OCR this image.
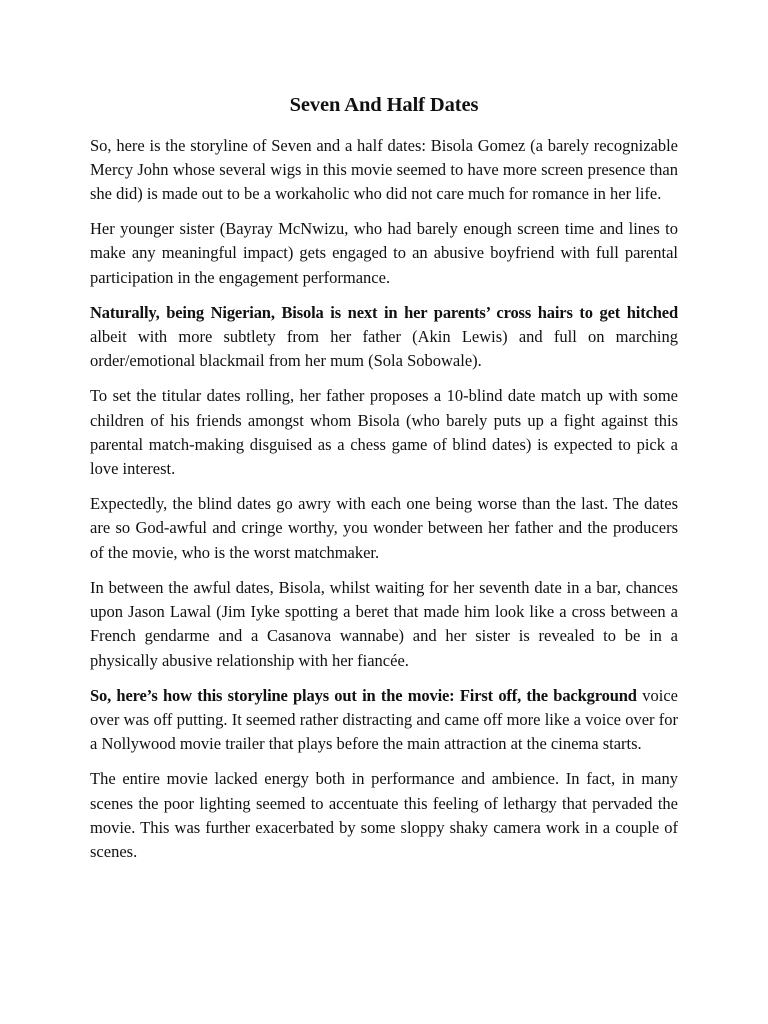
Seven And Half Dates

So, here is the storyline of Seven and a half dates: Bisola Gomez (a barely recognizable Mercy John whose several wigs in this movie seemed to have more screen presence than she did) is made out to be a workaholic who did not care much for romance in her life.

Her younger sister (Bayray McNwizu, who had barely enough screen time and lines to make any meaningful impact) gets engaged to an abusive boyfriend with full parental participation in the engagement performance.

Naturally, being Nigerian, Bisola is next in her parents’ cross hairs to get hitched albeit with more subtlety from her father (Akin Lewis) and full on marching order/emotional blackmail from her mum (Sola Sobowale).

To set the titular dates rolling, her father proposes a 10-blind date match up with some children of his friends amongst whom Bisola (who barely puts up a fight against this parental match-making disguised as a chess game of blind dates) is expected to pick a love interest.

Expectedly, the blind dates go awry with each one being worse than the last. The dates are so God-awful and cringe worthy, you wonder between her father and the producers of the movie, who is the worst matchmaker.

In between the awful dates, Bisola, whilst waiting for her seventh date in a bar, chances upon Jason Lawal (Jim Iyke spotting a beret that made him look like a cross between a French gendarme and a Casanova wannabe) and her sister is revealed to be in a physically abusive relationship with her fiancée.

So, here’s how this storyline plays out in the movie: First off, the background voice over was off putting. It seemed rather distracting and came off more like a voice over for a Nollywood movie trailer that plays before the main attraction at the cinema starts.

The entire movie lacked energy both in performance and ambience. In fact, in many scenes the poor lighting seemed to accentuate this feeling of lethargy that pervaded the movie. This was further exacerbated by some sloppy shaky camera work in a couple of scenes.
